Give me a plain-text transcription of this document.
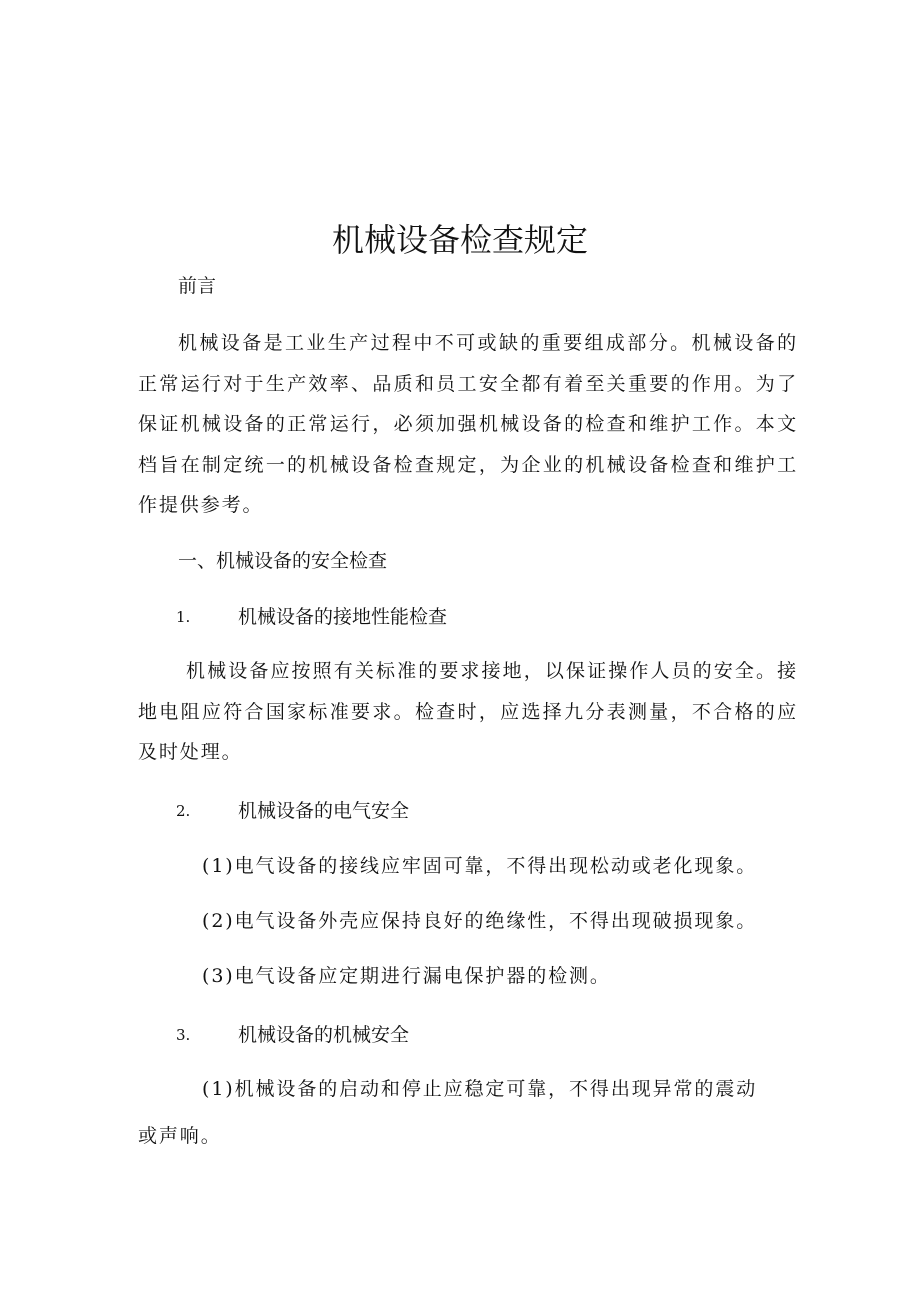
机械设备检查规定

前言

机械设备是工业生产过程中不可或缺的重要组成部分。机械设备的正常运行对于生产效率、品质和员工安全都有着至关重要的作用。为了保证机械设备的正常运行，必须加强机械设备的检查和维护工作。本文档旨在制定统一的机械设备检查规定，为企业的机械设备检查和维护工作提供参考。

一、机械设备的安全检查

1.	机械设备的接地性能检查

机械设备应按照有关标准的要求接地，以保证操作人员的安全。接地电阻应符合国家标准要求。检查时，应选择九分表测量，不合格的应及时处理。

2.	机械设备的电气安全

(1)电气设备的接线应牢固可靠，不得出现松动或老化现象。

(2)电气设备外壳应保持良好的绝缘性，不得出现破损现象。

(3)电气设备应定期进行漏电保护器的检测。

3.	机械设备的机械安全

(1)机械设备的启动和停止应稳定可靠，不得出现异常的震动

或声响。
